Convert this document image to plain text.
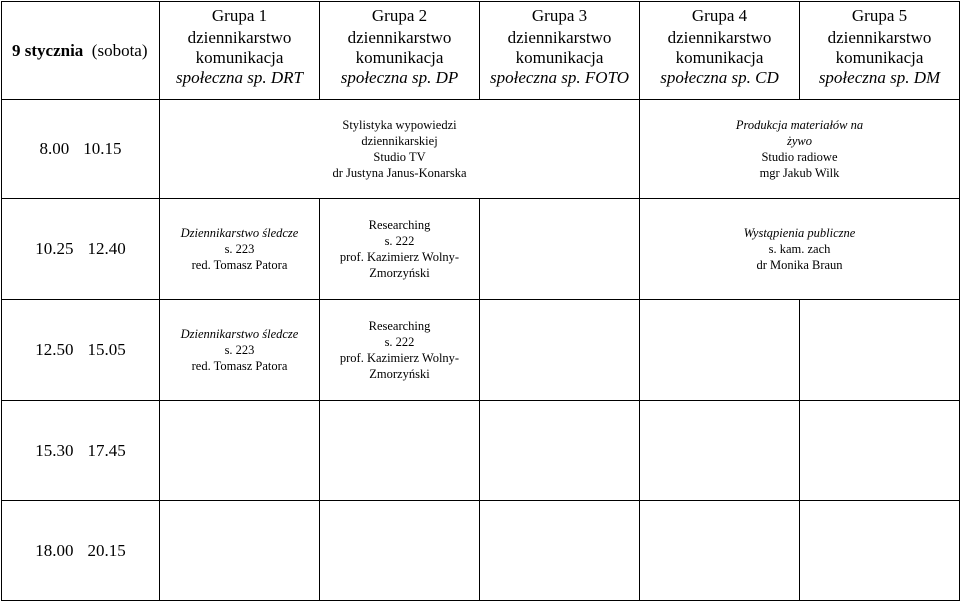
9 stycznia (sobota)	Grupa 1
dziennikarstwo
komunikacja
społeczna sp. DRT	Grupa 2
dziennikarstwo
komunikacja
społeczna sp. DP	Grupa 3
dziennikarstwo
komunikacja
społeczna sp. FOTO	Grupa 4
dziennikarstwo
komunikacja
społeczna sp. CD	Grupa 5
dziennikarstwo
komunikacja
społeczna sp. DM

8.00 10.15	Stylistyka wypowiedzi
dziennikarskiej
Studio TV
dr Justyna Janus-Konarska			Produkcja materiałów na
żywo
Studio radiowe
mgr Jakub Wilk	

10.25 12.40	Dziennikarstwo śledcze
s. 223
red. Tomasz Patora	Researching
s. 222
prof. Kazimierz Wolny-
Zmorzyński		Wystąpienia publiczne
s. kam. zach
dr Monika Braun	

12.50 15.05	Dziennikarstwo śledcze
s. 223
red. Tomasz Patora	Researching
s. 222
prof. Kazimierz Wolny-
Zmorzyński			

15.30 17.45					
18.00 20.15					
